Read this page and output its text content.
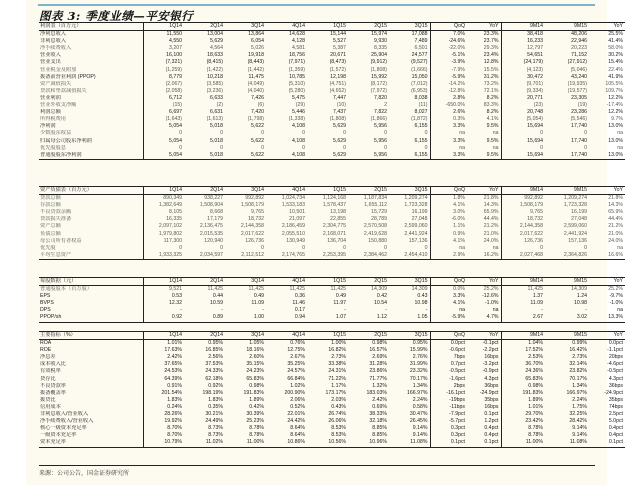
图表 3: 季度业绩—平安银行
利润表（百万元）	1Q14	2Q14	3Q14	4Q14	1Q15	2Q15	3Q15	QoQ	YoY	9M14	9M15	YoY
净利息收入	11,550	13,004	13,864	14,628	15,144	15,974	17,088	7.0%	23.3%	38,418	48,206	25.5%
非利息收入	4,550	5,629	6,054	4,128	5,527	9,930	7,489	-24.6%	23.7%	16,233	22,946	41.4%
净手续费收入	3,207	4,564	5,026	4,581	5,387	8,335	6,501	-22.0%	29.3%	12,797	20,223	58.0%
营业收入	16,100	18,633	19,918	18,756	20,671	25,904	24,577	-5.1%	23.4%	54,651	71,152	30.2%
营业支出	(7,321)	(8,415)	(8,443)	(7,971)	(8,473)	(9,912)	(9,527)	-3.9%	12.8%	(24,179)	(27,912)	15.4%
营业税金及附加	(1,259)	(1,422)	(1,442)	(1,359)	(1,572)	(1,808)	(1,666)	-7.9%	15.5%	(4,123)	(5,046)	22.4%
拨备前营业利润 (PPOP)	8,779	10,218	11,475	10,785	12,198	15,992	15,050	-5.9%	31.2%	30,472	43,240	41.9%
资产减值损失	(2,067)	(3,585)	(4,049)	(5,310)	(4,751)	(8,172)	(7,012)	-14.2%	73.2%	(9,701)	(19,935)	105.5%
贷款和垫款减值损失	(2,058)	(3,236)	(4,040)	(5,280)	(4,652)	(7,972)	(6,953)	-12.8%	72.1%	(9,334)	(19,577)	109.7%
营业利润	6,712	6,633	7,426	5,475	7,447	7,820	8,038	2.8%	8.2%	20,771	23,305	12.2%
营业外收支净额	(15)	(2)	(6)	(29)	(10)	2	(11)	-650.0%	83.3%	(23)	(19)	-17.4%
利润总额	6,697	6,631	7,420	5,446	7,437	7,822	8,027	2.6%	8.2%	20,748	23,286	12.2%
所得税费用	(1,643)	(1,613)	(1,798)	(1,338)	(1,808)	(1,866)	(1,872)	0.3%	4.1%	(5,054)	(5,546)	9.7%
净利润	5,054	5,018	5,622	4,108	5,629	5,956	6,155	3.3%	9.5%	15,694	17,740	13.0%
少数股东权益	0	0	0	0	0	0	0	na	na	0	0	na
归属母公司股东净利润	5,054	5,018	5,622	4,108	5,629	5,956	6,155	3.3%	9.5%	15,694	17,740	13.0%
优先股股息	0	0	0	0	0	0	0	na	na	0	0	na
普通股股东净利润	5,054	5,018	5,622	4,108	5,629	5,956	6,155	3.3%	9.5%	15,694	17,740	13.0%
资产负债表（百万元）	1Q14	2Q14	3Q14	4Q14	1Q15	2Q15	3Q15	QoQ	YoY	9M14	9M15	YoY
贷款总额	890,349	938,227	992,892	1,024,734	1,124,168	1,187,834	1,209,274	1.8%	21.8%	992,892	1,209,274	21.8%
存款总额	1,382,649	1,508,904	1,508,179	1,533,183	1,578,437	1,655,112	1,723,328	4.1%	14.3%	1,508,179	1,723,328	14.3%
不良贷款余额	8,105	8,668	9,765	10,501	13,198	15,729	16,199	3.0%	65.9%	9,765	16,199	65.9%
贷款损失准备	16,335	17,179	18,732	21,097	22,855	28,789	27,048	-6.0%	44.4%	18,732	27,048	44.4%
资产总额	2,097,102	2,136,475	2,144,358	2,186,459	2,304,775	2,570,508	2,599,060	1.1%	21.2%	2,144,358	2,599,060	21.2%
负债总额	1,979,802	2,015,535	2,017,622	2,055,510	2,168,071	2,419,628	2,441,924	0.9%	21.0%	2,017,622	2,441,924	21.0%
母公司所有者权益	117,300	120,940	126,736	130,949	136,704	150,880	157,136	4.1%	24.0%	126,736	157,136	24.0%
优先股	0	0	0	0	0	0	0	na	na	0	0	na
平均生息资产	1,933,325	2,034,597	2,112,512	2,174,765	2,253,395	2,384,462	2,454,410	2.9%	16.2%	2,027,468	2,364,826	16.6%
每股数据（元）	1Q14	2Q14	3Q14	4Q14	1Q15	2Q15	3Q15	QoQ	YoY	9M14	9M15	YoY
普通股股本（百万股）	9,521	11,425	11,425	11,425	11,425	14,309	14,309	0.0%	25.2%	11,425	14,309	25.2%
EPS	0.53	0.44	0.49	0.36	0.49	0.42	0.43	3.3%	-12.6%	1.37	1.24	-9.7%
BVPS	12.32	10.59	11.09	11.46	11.97	10.54	10.98	4.1%	-1.0%	11.09	10.98	-1.0%
DPS	-	-	-	0.17	-	-	-	na	na	-	-	na
PPOP/sh	0.92	0.89	1.00	0.94	1.07	1.12	1.05	-5.9%	4.7%	2.67	3.02	13.3%
主要指标（%）	1Q14	2Q14	3Q14	4Q14	1Q15	2Q15	3Q15	QoQ	YoY	9M14	9M15	YoY
ROA	1.01%	0.95%	1.05%	0.76%	1.00%	0.98%	0.95%	0.0pct	-0.1pct	1.04%	0.99%	0.0pct
ROE	17.63%	16.85%	18.16%	12.75%	16.82%	16.57%	15.99%	-0.6pct	-2.2pct	17.52%	16.42%	-1.1pct
净息差	2.42%	2.56%	2.60%	2.67%	2.73%	2.69%	2.76%	7bps	16bps	2.53%	2.73%	20bps
成本收入比	37.65%	37.53%	35.15%	35.25%	33.38%	31.28%	31.99%	0.7pct	-3.2pct	36.70%	32.14%	-4.6pct
有效税率	24.53%	24.33%	24.23%	24.57%	24.31%	23.86%	23.32%	-0.5pct	-0.9pct	24.36%	23.82%	-0.5pct
贷存比	64.39%	62.18%	65.83%	66.84%	71.22%	71.77%	70.17%	-1.6pct	4.3pct	65.83%	70.17%	4.3pct
不良贷款率	0.91%	0.92%	0.98%	1.02%	1.17%	1.32%	1.34%	2bps	36bps	0.98%	1.34%	36bps
拨备覆盖率	201.54%	198.19%	191.83%	200.90%	173.17%	183.03%	166.97%	-16.1pct	-24.9pct	191.83%	166.97%	-24.9pct
拨贷比	1.83%	1.83%	1.89%	2.06%	2.03%	2.42%	2.24%	-19bps	35bps	1.89%	2.24%	35bps
信用成本	0.24%	0.35%	0.42%	0.52%	0.43%	0.69%	0.58%	-11bps	16bps	1.01%	1.75%	74bps
非利息收入/营业收入	28.26%	30.21%	30.39%	22.01%	26.74%	38.33%	30.47%	-7.9pct	0.1pct	29.70%	32.25%	2.5pct
净手续费收入/营业收入	19.92%	24.49%	25.23%	24.42%	26.06%	32.18%	26.45%	-5.7pct	1.2pct	23.42%	28.42%	5.0pct
核心一级资本充足率	8.70%	8.73%	8.78%	8.64%	8.53%	8.85%	9.14%	0.3pct	0.4pct	8.78%	9.14%	0.4pct
一级资本充足率	8.70%	8.73%	8.78%	8.64%	8.53%	8.85%	9.14%	0.3pct	0.4pct	8.78%	9.14%	0.4pct
资本充足率	10.79%	11.02%	11.00%	10.86%	10.56%	10.96%	11.08%	0.1pct	0.1pct	11.00%	11.08%	0.1pct
来源：公司公告，国金证券研究所
